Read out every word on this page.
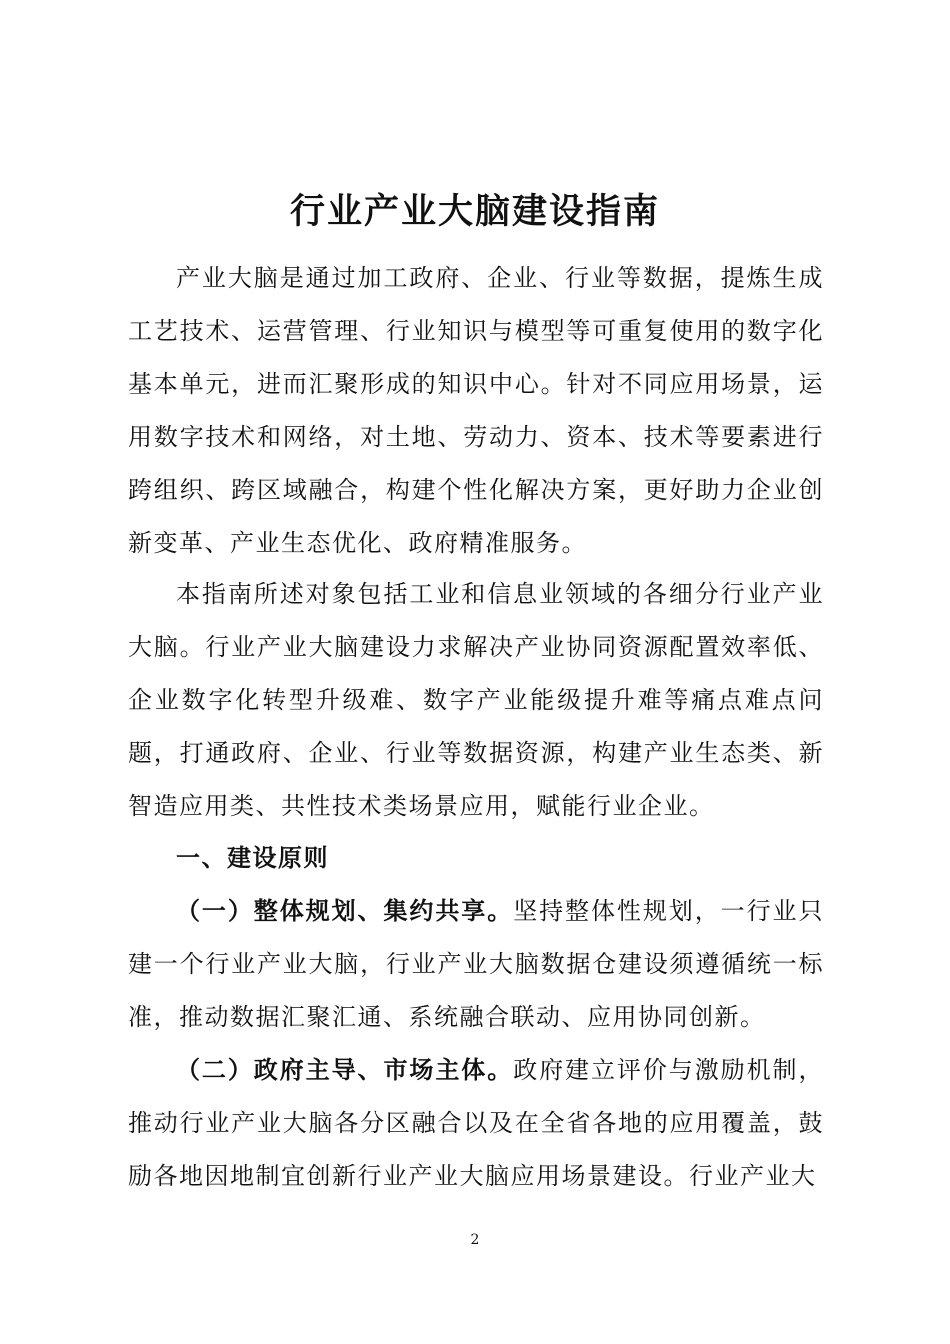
行业产业大脑建设指南

产业大脑是通过加工政府、企业、行业等数据，提炼生成工艺技术、运营管理、行业知识与模型等可重复使用的数字化基本单元，进而汇聚形成的知识中心。针对不同应用场景，运用数字技术和网络，对土地、劳动力、资本、技术等要素进行跨组织、跨区域融合，构建个性化解决方案，更好助力企业创新变革、产业生态优化、政府精准服务。

本指南所述对象包括工业和信息业领域的各细分行业产业大脑。行业产业大脑建设力求解决产业协同资源配置效率低、企业数字化转型升级难、数字产业能级提升难等痛点难点问题，打通政府、企业、行业等数据资源，构建产业生态类、新智造应用类、共性技术类场景应用，赋能行业企业。

一、建设原则

（一）整体规划、集约共享。坚持整体性规划，一行业只建一个行业产业大脑，行业产业大脑数据仓建设须遵循统一标准，推动数据汇聚汇通、系统融合联动、应用协同创新。

（二）政府主导、市场主体。政府建立评价与激励机制，推动行业产业大脑各分区融合以及在全省各地的应用覆盖，鼓励各地因地制宜创新行业产业大脑应用场景建设。行业产业大

2
